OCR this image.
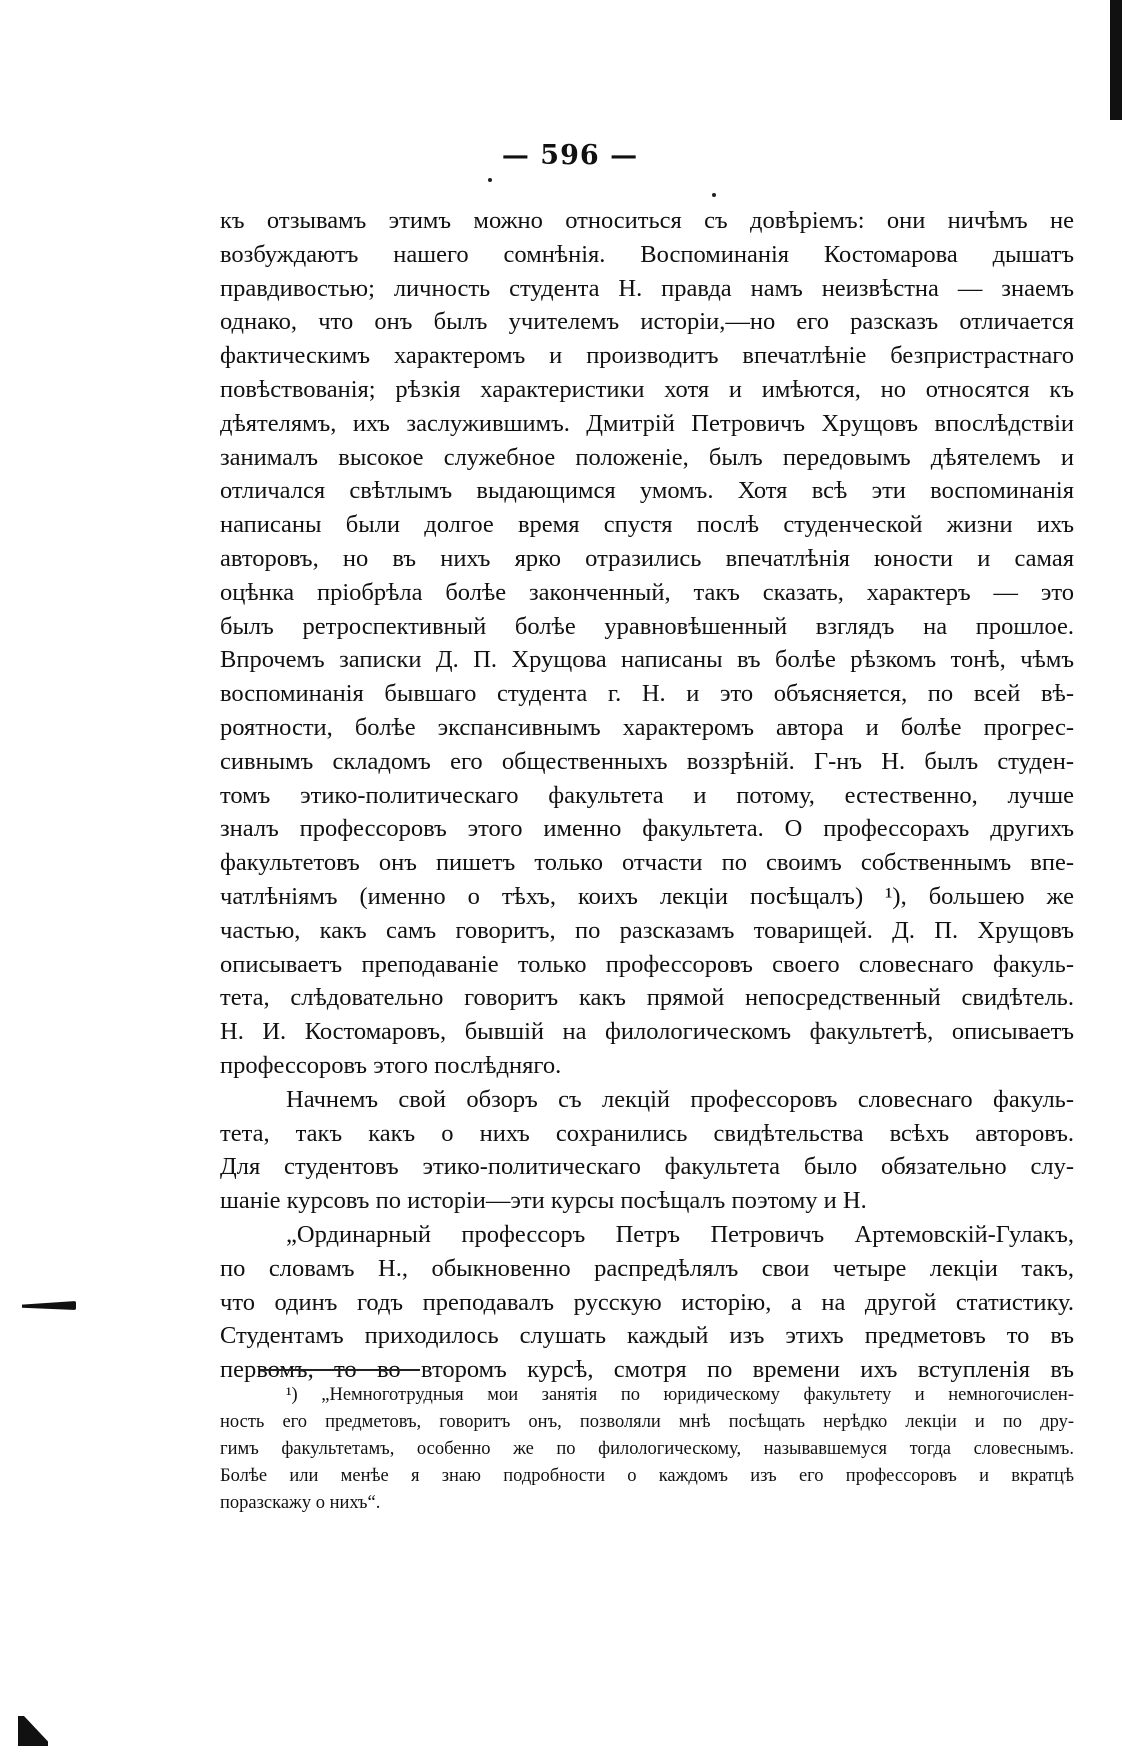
— 596 —
къ отзывамъ этимъ можно относиться съ довѣріемъ: они ничѣмъ не
возбуждаютъ нашего сомнѣнія. Воспоминанія Костомарова дышатъ
правдивостью; личность студента Н. правда намъ неизвѣстна — знаемъ
однако, что онъ былъ учителемъ исторіи,—но его разсказъ отличается
фактическимъ характеромъ и производитъ впечатлѣніе безпристрастнаго
повѣствованія; рѣзкія характеристики хотя и имѣются, но относятся къ
дѣятелямъ, ихъ заслужившимъ. Дмитрій Петровичъ Хрущовъ впослѣдствіи
занималъ высокое служебное положеніе, былъ передовымъ дѣятелемъ и
отличался свѣтлымъ выдающимся умомъ. Хотя всѣ эти воспоминанія
написаны были долгое время спустя послѣ студенческой жизни ихъ
авторовъ, но въ нихъ ярко отразились впечатлѣнія юности и самая
оцѣнка пріобрѣла болѣе законченный, такъ сказать, характеръ — это
былъ ретроспективный болѣе уравновѣшенный взглядъ на прошлое.
Впрочемъ записки Д. П. Хрущова написаны въ болѣе рѣзкомъ тонѣ, чѣмъ
воспоминанія бывшаго студента г. Н. и это объясняется, по всей вѣ-
роятности, болѣе экспансивнымъ характеромъ автора и болѣе прогрес-
сивнымъ складомъ его общественныхъ воззрѣній. Г-нъ Н. былъ студен-
томъ этико-политическаго факультета и потому, естественно, лучше
зналъ профессоровъ этого именно факультета. О профессорахъ другихъ
факультетовъ онъ пишетъ только отчасти по своимъ собственнымъ впе-
чатлѣніямъ (именно о тѣхъ, коихъ лекціи посѣщалъ) ¹), большею же
частью, какъ самъ говоритъ, по разсказамъ товарищей. Д. П. Хрущовъ
описываетъ преподаваніе только профессоровъ своего словеснаго факуль-
тета, слѣдовательно говоритъ какъ прямой непосредственный свидѣтель.
Н. И. Костомаровъ, бывшій на филологическомъ факультетѣ, описываетъ
профессоровъ этого послѣдняго.
Начнемъ свой обзоръ съ лекцій профессоровъ словеснаго факуль-
тета, такъ какъ о нихъ сохранились свидѣтельства всѣхъ авторовъ.
Для студентовъ этико-политическаго факультета было обязательно слу-
шаніе курсовъ по исторіи—эти курсы посѣщалъ поэтому и Н.
„Ординарный профессоръ Петръ Петровичъ Артемовскій-Гулакъ,
по словамъ Н., обыкновенно распредѣлялъ свои четыре лекціи такъ,
что одинъ годъ преподавалъ русскую исторію, а на другой статистику.
Студентамъ приходилось слушать каждый изъ этихъ предметовъ то въ
первомъ, то во второмъ курсѣ, смотря по времени ихъ вступленія въ
¹) „Немноготрудныя мои занятія по юридическому факультету и немногочислен-
ность его предметовъ, говоритъ онъ, позволяли мнѣ посѣщать нерѣдко лекціи и по дру-
гимъ факультетамъ, особенно же по филологическому, называвшемуся тогда словеснымъ.
Болѣе или менѣе я знаю подробности о каждомъ изъ его профессоровъ и вкратцѣ
поразскажу о нихъ“.
